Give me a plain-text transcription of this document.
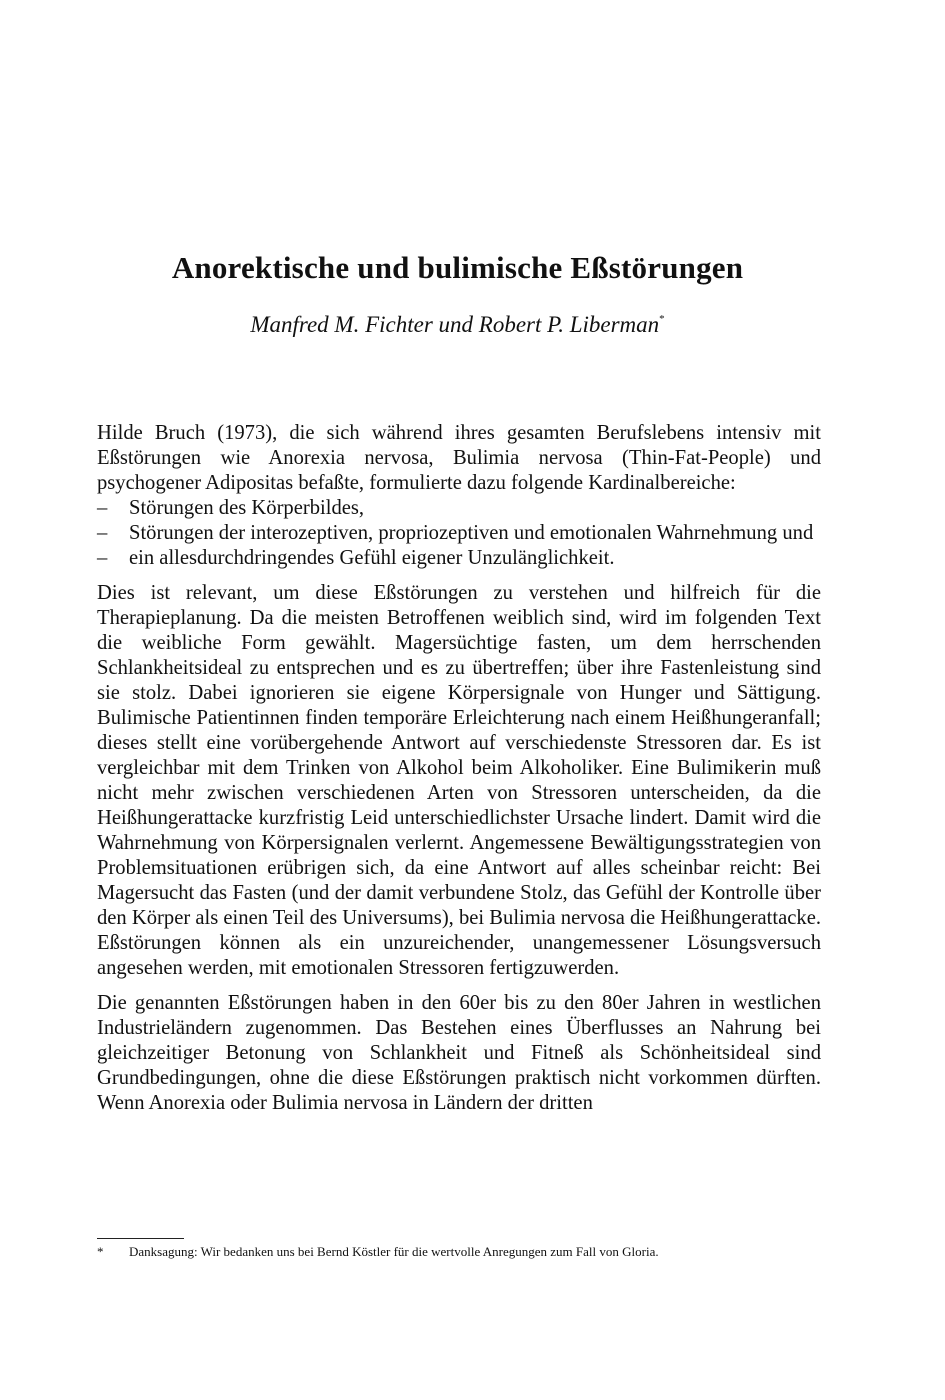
Anorektische und bulimische Eßstörungen
Manfred M. Fichter und Robert P. Liberman*

Hilde Bruch (1973), die sich während ihres gesamten Berufslebens intensiv mit Eßstörungen wie Anorexia nervosa, Bulimia nervosa (Thin-Fat-People) und psychogener Adipositas befaßte, formulierte dazu folgende Kardinalbereiche:

– Störungen des Körperbildes,
– Störungen der interozeptiven, propriozeptiven und emotionalen Wahrnehmung und
– ein allesdurchdringendes Gefühl eigener Unzulänglichkeit.

Dies ist relevant, um diese Eßstörungen zu verstehen und hilfreich für die Therapieplanung. Da die meisten Betroffenen weiblich sind, wird im folgenden Text die weibliche Form gewählt. Magersüchtige fasten, um dem herrschenden Schlankheitsideal zu entsprechen und es zu übertreffen; über ihre Fastenleistung sind sie stolz. Dabei ignorieren sie eigene Körpersignale von Hunger und Sättigung. Bulimische Patientinnen finden temporäre Erleichterung nach einem Heißhungeranfall; dieses stellt eine vorübergehende Antwort auf verschiedenste Stressoren dar. Es ist vergleichbar mit dem Trinken von Alkohol beim Alkoholiker. Eine Bulimikerin muß nicht mehr zwischen verschiedenen Arten von Stressoren unterscheiden, da die Heißhungerattacke kurzfristig Leid unterschiedlichster Ursache lindert. Damit wird die Wahrnehmung von Körpersignalen verlernt. Angemessene Bewältigungsstrategien von Problemsituationen erübrigen sich, da eine Antwort auf alles scheinbar reicht: Bei Magersucht das Fasten (und der damit verbundene Stolz, das Gefühl der Kontrolle über den Körper als einen Teil des Universums), bei Bulimia nervosa die Heißhungerattacke. Eßstörungen können als ein unzureichender, unangemessener Lösungsversuch angesehen werden, mit emotionalen Stressoren fertigzuwerden.

Die genannten Eßstörungen haben in den 60er bis zu den 80er Jahren in westlichen Industrieländern zugenommen. Das Bestehen eines Überflusses an Nahrung bei gleichzeitiger Betonung von Schlankheit und Fitneß als Schönheitsideal sind Grundbedingungen, ohne die diese Eßstörungen praktisch nicht vorkommen dürften. Wenn Anorexia oder Bulimia nervosa in Ländern der dritten

* Danksagung: Wir bedanken uns bei Bernd Köstler für die wertvolle Anregungen zum Fall von Gloria.
